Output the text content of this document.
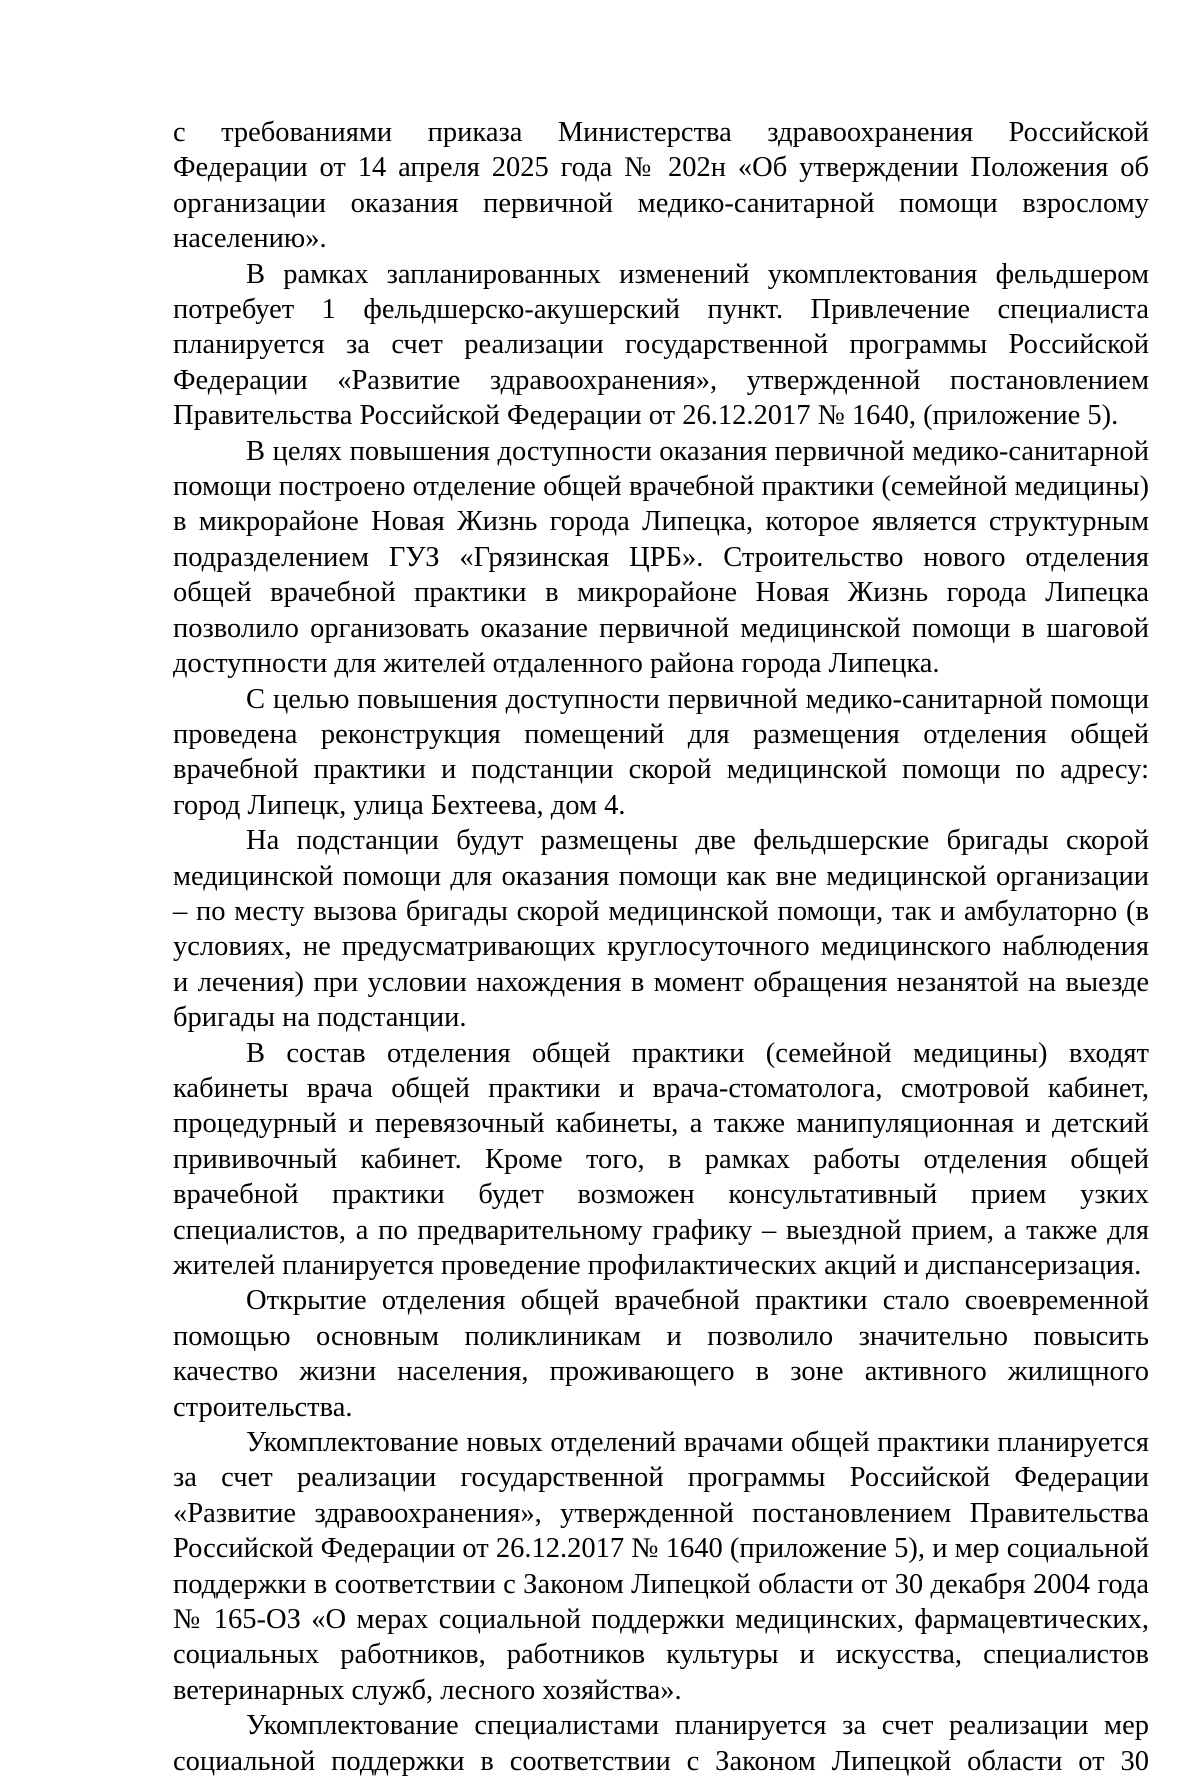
с требованиями приказа Министерства здравоохранения Российской Федерации от 14 апреля 2025 года № 202н «Об утверждении Положения об организации оказания первичной медико-санитарной помощи взрослому населению».

В рамках запланированных изменений укомплектования фельдшером потребует 1 фельдшерско-акушерский пункт. Привлечение специалиста планируется за счет реализации государственной программы Российской Федерации «Развитие здравоохранения», утвержденной постановлением Правительства Российской Федерации от 26.12.2017 № 1640, (приложение 5).

В целях повышения доступности оказания первичной медико-санитарной помощи построено отделение общей врачебной практики (семейной медицины) в микрорайоне Новая Жизнь города Липецка, которое является структурным подразделением ГУЗ «Грязинская ЦРБ». Строительство нового отделения общей врачебной практики в микрорайоне Новая Жизнь города Липецка позволило организовать оказание первичной медицинской помощи в шаговой доступности для жителей отдаленного района города Липецка.

С целью повышения доступности первичной медико-санитарной помощи проведена реконструкция помещений для размещения отделения общей врачебной практики и подстанции скорой медицинской помощи по адресу: город Липецк, улица Бехтеева, дом 4.

На подстанции будут размещены две фельдшерские бригады скорой медицинской помощи для оказания помощи как вне медицинской организации – по месту вызова бригады скорой медицинской помощи, так и амбулаторно (в условиях, не предусматривающих круглосуточного медицинского наблюдения и лечения) при условии нахождения в момент обращения незанятой на выезде бригады на подстанции.

В состав отделения общей практики (семейной медицины) входят кабинеты врача общей практики и врача-стоматолога, смотровой кабинет, процедурный и перевязочный кабинеты, а также манипуляционная и детский прививочный кабинет. Кроме того, в рамках работы отделения общей врачебной практики будет возможен консультативный прием узких специалистов, а по предварительному графику – выездной прием, а также для жителей планируется проведение профилактических акций и диспансеризация.

Открытие отделения общей врачебной практики стало своевременной помощью основным поликлиникам и позволило значительно повысить качество жизни населения, проживающего в зоне активного жилищного строительства.

Укомплектование новых отделений врачами общей практики планируется за счет реализации государственной программы Российской Федерации «Развитие здравоохранения», утвержденной постановлением Правительства Российской Федерации от 26.12.2017 № 1640 (приложение 5), и мер социальной поддержки в соответствии с Законом Липецкой области от 30 декабря 2004 года № 165-ОЗ «О мерах социальной поддержки медицинских, фармацевтических, социальных работников, работников культуры и искусства, специалистов ветеринарных служб, лесного хозяйства».

Укомплектование специалистами планируется за счет реализации мер социальной поддержки в соответствии с Законом Липецкой области от 30
